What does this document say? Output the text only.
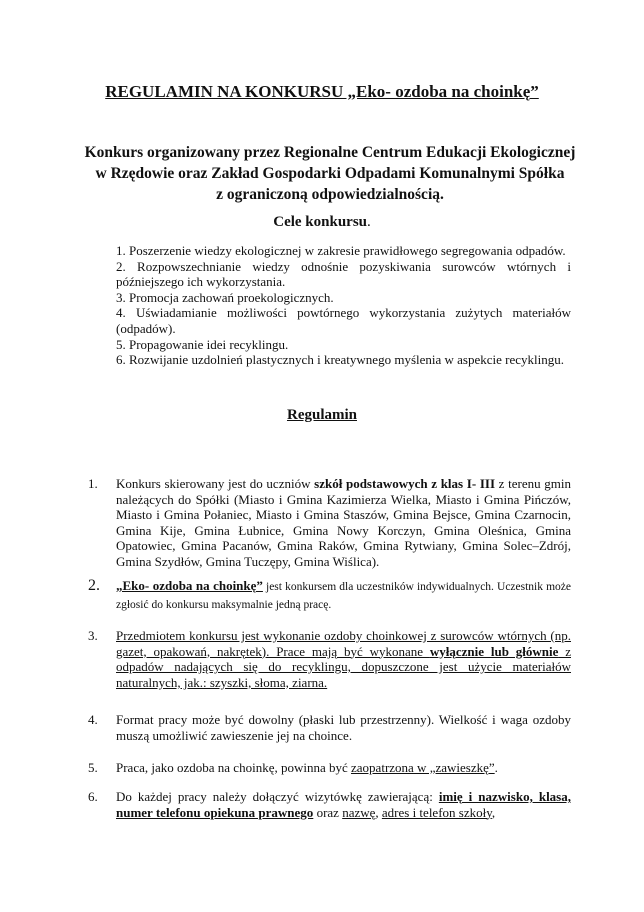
REGULAMIN NA KONKURSU „Eko- ozdoba na choinkę”
Konkurs organizowany przez Regionalne Centrum Edukacji Ekologicznej
w Rzędowie oraz Zakład Gospodarki Odpadami Komunalnymi Spółka
z ograniczoną odpowiedzialnością.
Cele konkursu.

1. Poszerzenie wiedzy ekologicznej w zakresie prawidłowego segregowania odpadów.

2. Rozpowszechnianie wiedzy odnośnie pozyskiwania surowców wtórnych i późniejszego ich wykorzystania.

3. Promocja zachowań proekologicznych.

4. Uświadamianie możliwości powtórnego wykorzystania zużytych materiałów (odpadów).

5. Propagowanie idei recyklingu.

6. Rozwijanie uzdolnień plastycznych i kreatywnego myślenia w aspekcie recyklingu.

Regulamin
1.	Konkurs skierowany jest do uczniów szkół podstawowych z klas I- III z terenu gmin należących do Spółki (Miasto i Gmina Kazimierza Wielka, Miasto i Gmina Pińczów, Miasto i Gmina Połaniec, Miasto i Gmina Staszów, Gmina Bejsce, Gmina Czarnocin, Gmina Kije, Gmina Łubnice, Gmina Nowy Korczyn, Gmina Oleśnica, Gmina Opatowiec, Gmina Pacanów, Gmina Raków, Gmina Rytwiany, Gmina Solec–Zdrój, Gmina Szydłów, Gmina Tuczępy, Gmina Wiślica).
2.	„Eko- ozdoba na choinkę” jest konkursem dla uczestników indywidualnych. Uczestnik może zgłosić do konkursu maksymalnie jedną pracę.
3.	Przedmiotem konkursu jest wykonanie ozdoby choinkowej z surowców wtórnych (np. gazet, opakowań, nakrętek). Prace mają być wykonane wyłącznie lub głównie z odpadów nadających się do recyklingu, dopuszczone jest użycie materiałów naturalnych, jak.: szyszki, słoma, ziarna.
4.	Format pracy może być dowolny (płaski lub przestrzenny). Wielkość i waga ozdoby muszą umożliwić zawieszenie jej na choince.
5.	Praca, jako ozdoba na choinkę, powinna być zaopatrzona w „zawieszkę”.
6.	Do każdej pracy należy dołączyć wizytówkę zawierającą: imię i nazwisko, klasa, numer telefonu opiekuna prawnego oraz nazwę, adres i telefon szkoły,
